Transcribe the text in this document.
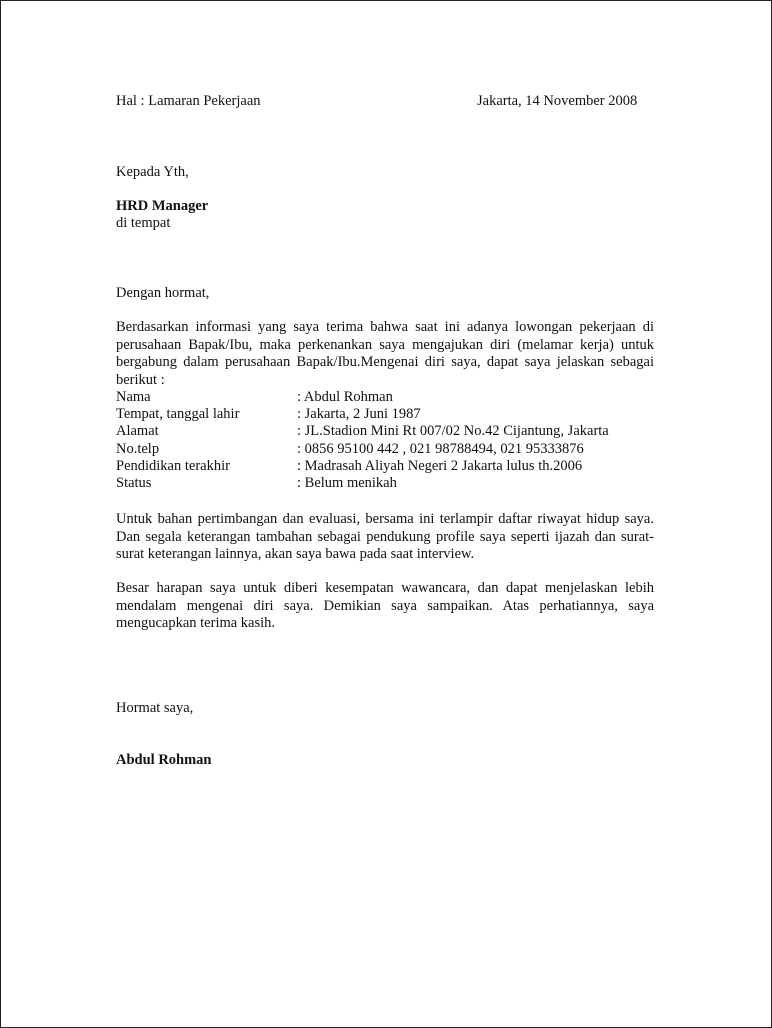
Hal : Lamaran Pekerjaan	Jakarta, 14 November 2008
Kepada Yth,
HRD Manager
di tempat
Dengan hormat,
Berdasarkan informasi yang saya terima bahwa saat ini adanya lowongan pekerjaan di perusahaan Bapak/Ibu, maka perkenankan saya mengajukan diri (melamar kerja) untuk bergabung dalam perusahaan Bapak/Ibu.Mengenai diri saya, dapat saya jelaskan sebagai berikut :
Nama	: Abdul Rohman
Tempat, tanggal lahir	: Jakarta, 2 Juni 1987
Alamat	: JL.Stadion Mini Rt 007/02 No.42 Cijantung, Jakarta
No.telp	: 0856 95100 442 , 021 98788494, 021 95333876
Pendidikan terakhir	: Madrasah Aliyah Negeri 2 Jakarta lulus th.2006
Status	: Belum menikah
Untuk bahan pertimbangan dan evaluasi, bersama ini terlampir daftar riwayat hidup saya. Dan segala keterangan tambahan sebagai pendukung profile saya seperti ijazah dan surat-surat keterangan lainnya, akan saya bawa pada saat interview.
Besar harapan saya untuk diberi kesempatan wawancara, dan dapat menjelaskan lebih mendalam mengenai diri saya. Demikian saya sampaikan. Atas perhatiannya, saya mengucapkan terima kasih.
Hormat saya,
Abdul Rohman
